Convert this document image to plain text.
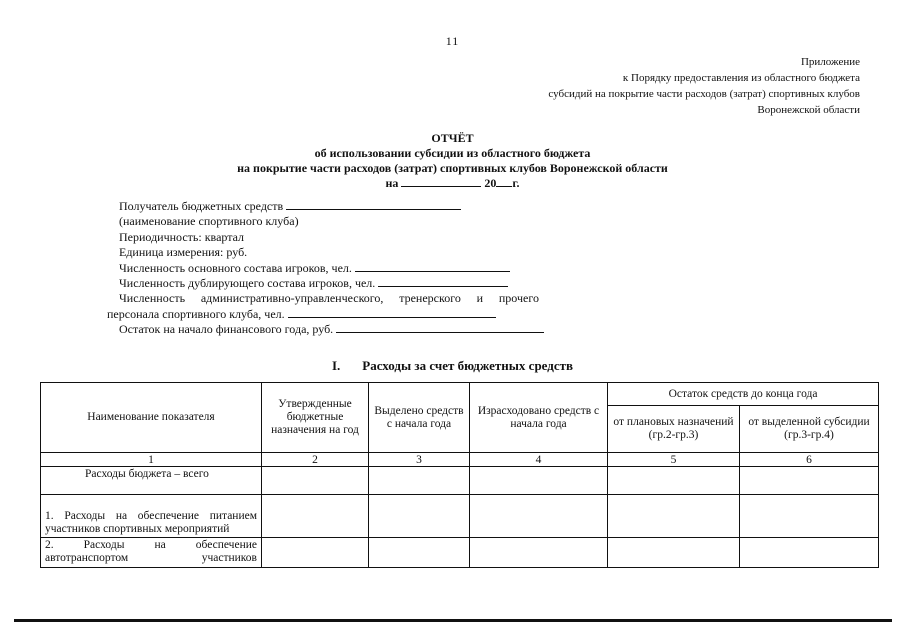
11
Приложение
к Порядку предоставления из областного бюджета
субсидий на покрытие части расходов (затрат) спортивных клубов
Воронежской области
ОТЧЁТ
об использовании субсидии из областного бюджета
на покрытие части расходов (затрат) спортивных клубов Воронежской области
на	20 г.
Получатель бюджетных средств
(наименование спортивного клуба)
Периодичность: квартал
Единица измерения: руб.
Численность основного состава игроков, чел.
Численность дублирующего состава игроков, чел.
Численность административно-управленческого, тренерского и прочего
персонала спортивного клуба, чел.
Остаток на начало финансового года, руб.
I. Расходы за счет бюджетных средств
Наименование показателя	Утвержденные бюджетные назначения на год	Выделено средств с начала года	Израсходовано средств с начала года	Остаток средств до конца года	
				от плановых назначений (гр.2-гр.3)	от выделенной субсидии (гр.3-гр.4)
1	2	3	4	5	6
Расходы бюджета – всего					
1. Расходы на обеспечение питанием участников спортивных мероприятий					
2. Расходы на обеспечение автотранспортом участников					
